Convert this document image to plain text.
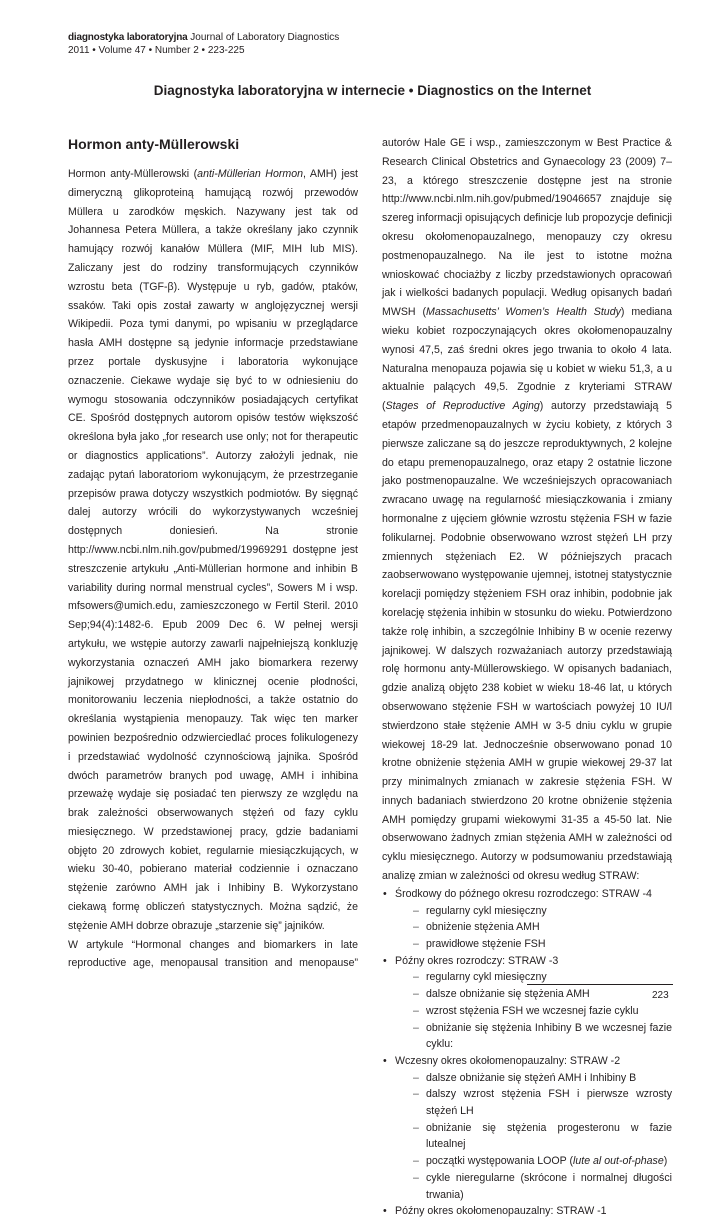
diagnostyka laboratoryjna Journal of Laboratory Diagnostics
2011 • Volume 47 • Number 2 • 223-225
Diagnostyka laboratoryjna w internecie • Diagnostics on the Internet
Hormon anty-Müllerowski

Hormon anty-Müllerowski (anti-Müllerian Hormon, AMH) jest dimeryczną glikoproteiną hamującą rozwój przewodów Müllera u zarodków męskich. Nazywany jest tak od Johannesa Petera Müllera, a także określany jako czynnik hamujący rozwój kanałów Müllera (MIF, MIH lub MIS). Zaliczany jest do rodziny transformujących czynników wzrostu beta (TGF-β). Występuje u ryb, gadów, ptaków, ssaków. Taki opis został zawarty w anglojęzycznej wersji Wikipedii. Poza tymi danymi, po wpisaniu w przeglądarce hasła AMH dostępne są jedynie informacje przedstawiane przez portale dyskusyjne i laboratoria wykonujące oznaczenie. Ciekawe wydaje się być to w odniesieniu do wymogu stosowania odczynników posiadających certyfikat CE. Spośród dostępnych autorom opisów testów większość określona była jako „for research use only; not for therapeutic or diagnostics applications”. Autorzy założyli jednak, nie zadając pytań laboratoriom wykonującym, że przestrzeganie przepisów prawa dotyczy wszystkich podmiotów. By sięgnąć dalej autorzy wrócili do wykorzystywanych wcześniej dostępnych doniesień. Na stronie http://www.ncbi.nlm.nih.gov/pubmed/19969291 dostępne jest streszczenie artykułu „Anti-Müllerian hormone and inhibin B variability during normal menstrual cycles”, Sowers M i wsp. mfsowers@umich.edu, zamieszczonego w Fertil Steril. 2010 Sep;94(4):1482-6. Epub 2009 Dec 6. W pełnej wersji artykułu, we wstępie autorzy zawarli najpełniejszą konkluzję wykorzystania oznaczeń AMH jako biomarkera rezerwy jajnikowej przydatnego w klinicznej ocenie płodności, monitorowaniu leczenia niepłodności, a także ostatnio do określania wystąpienia menopauzy. Tak więc ten marker powinien bezpośrednio odzwierciedlać proces folikulogenezy i przedstawiać wydolność czynnościową jajnika. Spośród dwóch parametrów branych pod uwagę, AMH i inhibina przeważę wydaje się posiadać ten pierwszy ze względu na brak zależności obserwowanych stężeń od fazy cyklu miesięcznego. W przedstawionej pracy, gdzie badaniami objęto 20 zdrowych kobiet, regularnie miesiączkujących, w wieku 30-40, pobierano materiał codziennie i oznaczano stężenie zarówno AMH jak i Inhibiny B. Wykorzystano ciekawą formę obliczeń statystycznych. Można sądzić, że stężenie AMH dobrze obrazuje „starzenie się” jajników.

W artykule “Hormonal changes and biomarkers in late reproductive age, menopausal transition and menopause”

autorów Hale GE i wsp., zamieszczonym w Best Practice & Research Clinical Obstetrics and Gynaecology 23 (2009) 7–23, a którego streszczenie dostępne jest na stronie http://www.ncbi.nlm.nih.gov/pubmed/19046657 znajduje się szereg informacji opisujących definicje lub propozycje definicji okresu okołomenopauzalnego, menopauzy czy okresu postmenopauzalnego. Na ile jest to istotne można wnioskować chociażby z liczby przedstawionych opracowań jak i wielkości badanych populacji. Według opisanych badań MWSH (Massachusetts’ Women’s Health Study) mediana wieku kobiet rozpoczynających okres okołomenopauzalny wynosi 47,5, zaś średni okres jego trwania to około 4 lata. Naturalna menopauza pojawia się u kobiet w wieku 51,3, a u aktualnie palących 49,5. Zgodnie z kryteriami STRAW (Stages of Reproductive Aging) autorzy przedstawiają 5 etapów przedmenopauzalnych w życiu kobiety, z których 3 pierwsze zaliczane są do jeszcze reproduktywnych, 2 kolejne do etapu premenopauzalnego, oraz etapy 2 ostatnie liczone jako postmenopauzalne. We wcześniejszych opracowaniach zwracano uwagę na regularność miesiączkowania i zmiany hormonalne z ujęciem głównie wzrostu stężenia FSH w fazie folikularnej. Podobnie obserwowano wzrost stężeń LH przy zmiennych stężeniach E2. W późniejszych pracach zaobserwowano występowanie ujemnej, istotnej statystycznie korelacji pomiędzy stężeniem FSH oraz inhibin, podobnie jak korelację stężenia inhibin w stosunku do wieku. Potwierdzono także rolę inhibin, a szczególnie Inhibiny B w ocenie rezerwy jajnikowej. W dalszych rozważaniach autorzy przedstawiają rolę hormonu anty-Müllerowskiego. W opisanych badaniach, gdzie analizą objęto 238 kobiet w wieku 18-46 lat, u których obserwowano stężenie FSH w wartościach powyżej 10 IU/l stwierdzono stałe stężenie AMH w 3-5 dniu cyklu w grupie wiekowej 18-29 lat. Jednocześnie obserwowano ponad 10 krotne obniżenie stężenia AMH w grupie wiekowej 29-37 lat przy minimalnych zmianach w zakresie stężenia FSH. W innych badaniach stwierdzono 20 krotne obniżenie stężenia AMH pomiędzy grupami wiekowymi 31-35 a 45-50 lat. Nie obserwowano żadnych zmian stężenia AMH w zależności od cyklu miesięcznego. Autorzy w podsumowaniu przedstawiają analizę zmian w zależności od okresu według STRAW:

• Środkowy do późnego okresu rozrodczego: STRAW -4
– regularny cykl miesięczny
– obniżenie stężenia AMH
– prawidłowe stężenie FSH
• Późny okres rozrodczy: STRAW -3
– regularny cykl miesięczny
– dalsze obniżanie się stężenia AMH
– wzrost stężenia FSH we wczesnej fazie cyklu
– obniżanie się stężenia Inhibiny B we wczesnej fazie cyklu:
• Wczesny okres okołomenopauzalny: STRAW -2
– dalsze obniżanie się stężeń AMH i Inhibiny B
– dalszy wzrost stężenia FSH i pierwsze wzrosty stężeń LH
– obniżanie się stężenia progesteronu w fazie lutealnej
– początki występowania LOOP (lute al out-of-phase)
– cykle nieregularne (skrócone i normalnej długości trwania)
• Późny okres okołomenopauzalny: STRAW -1
223
